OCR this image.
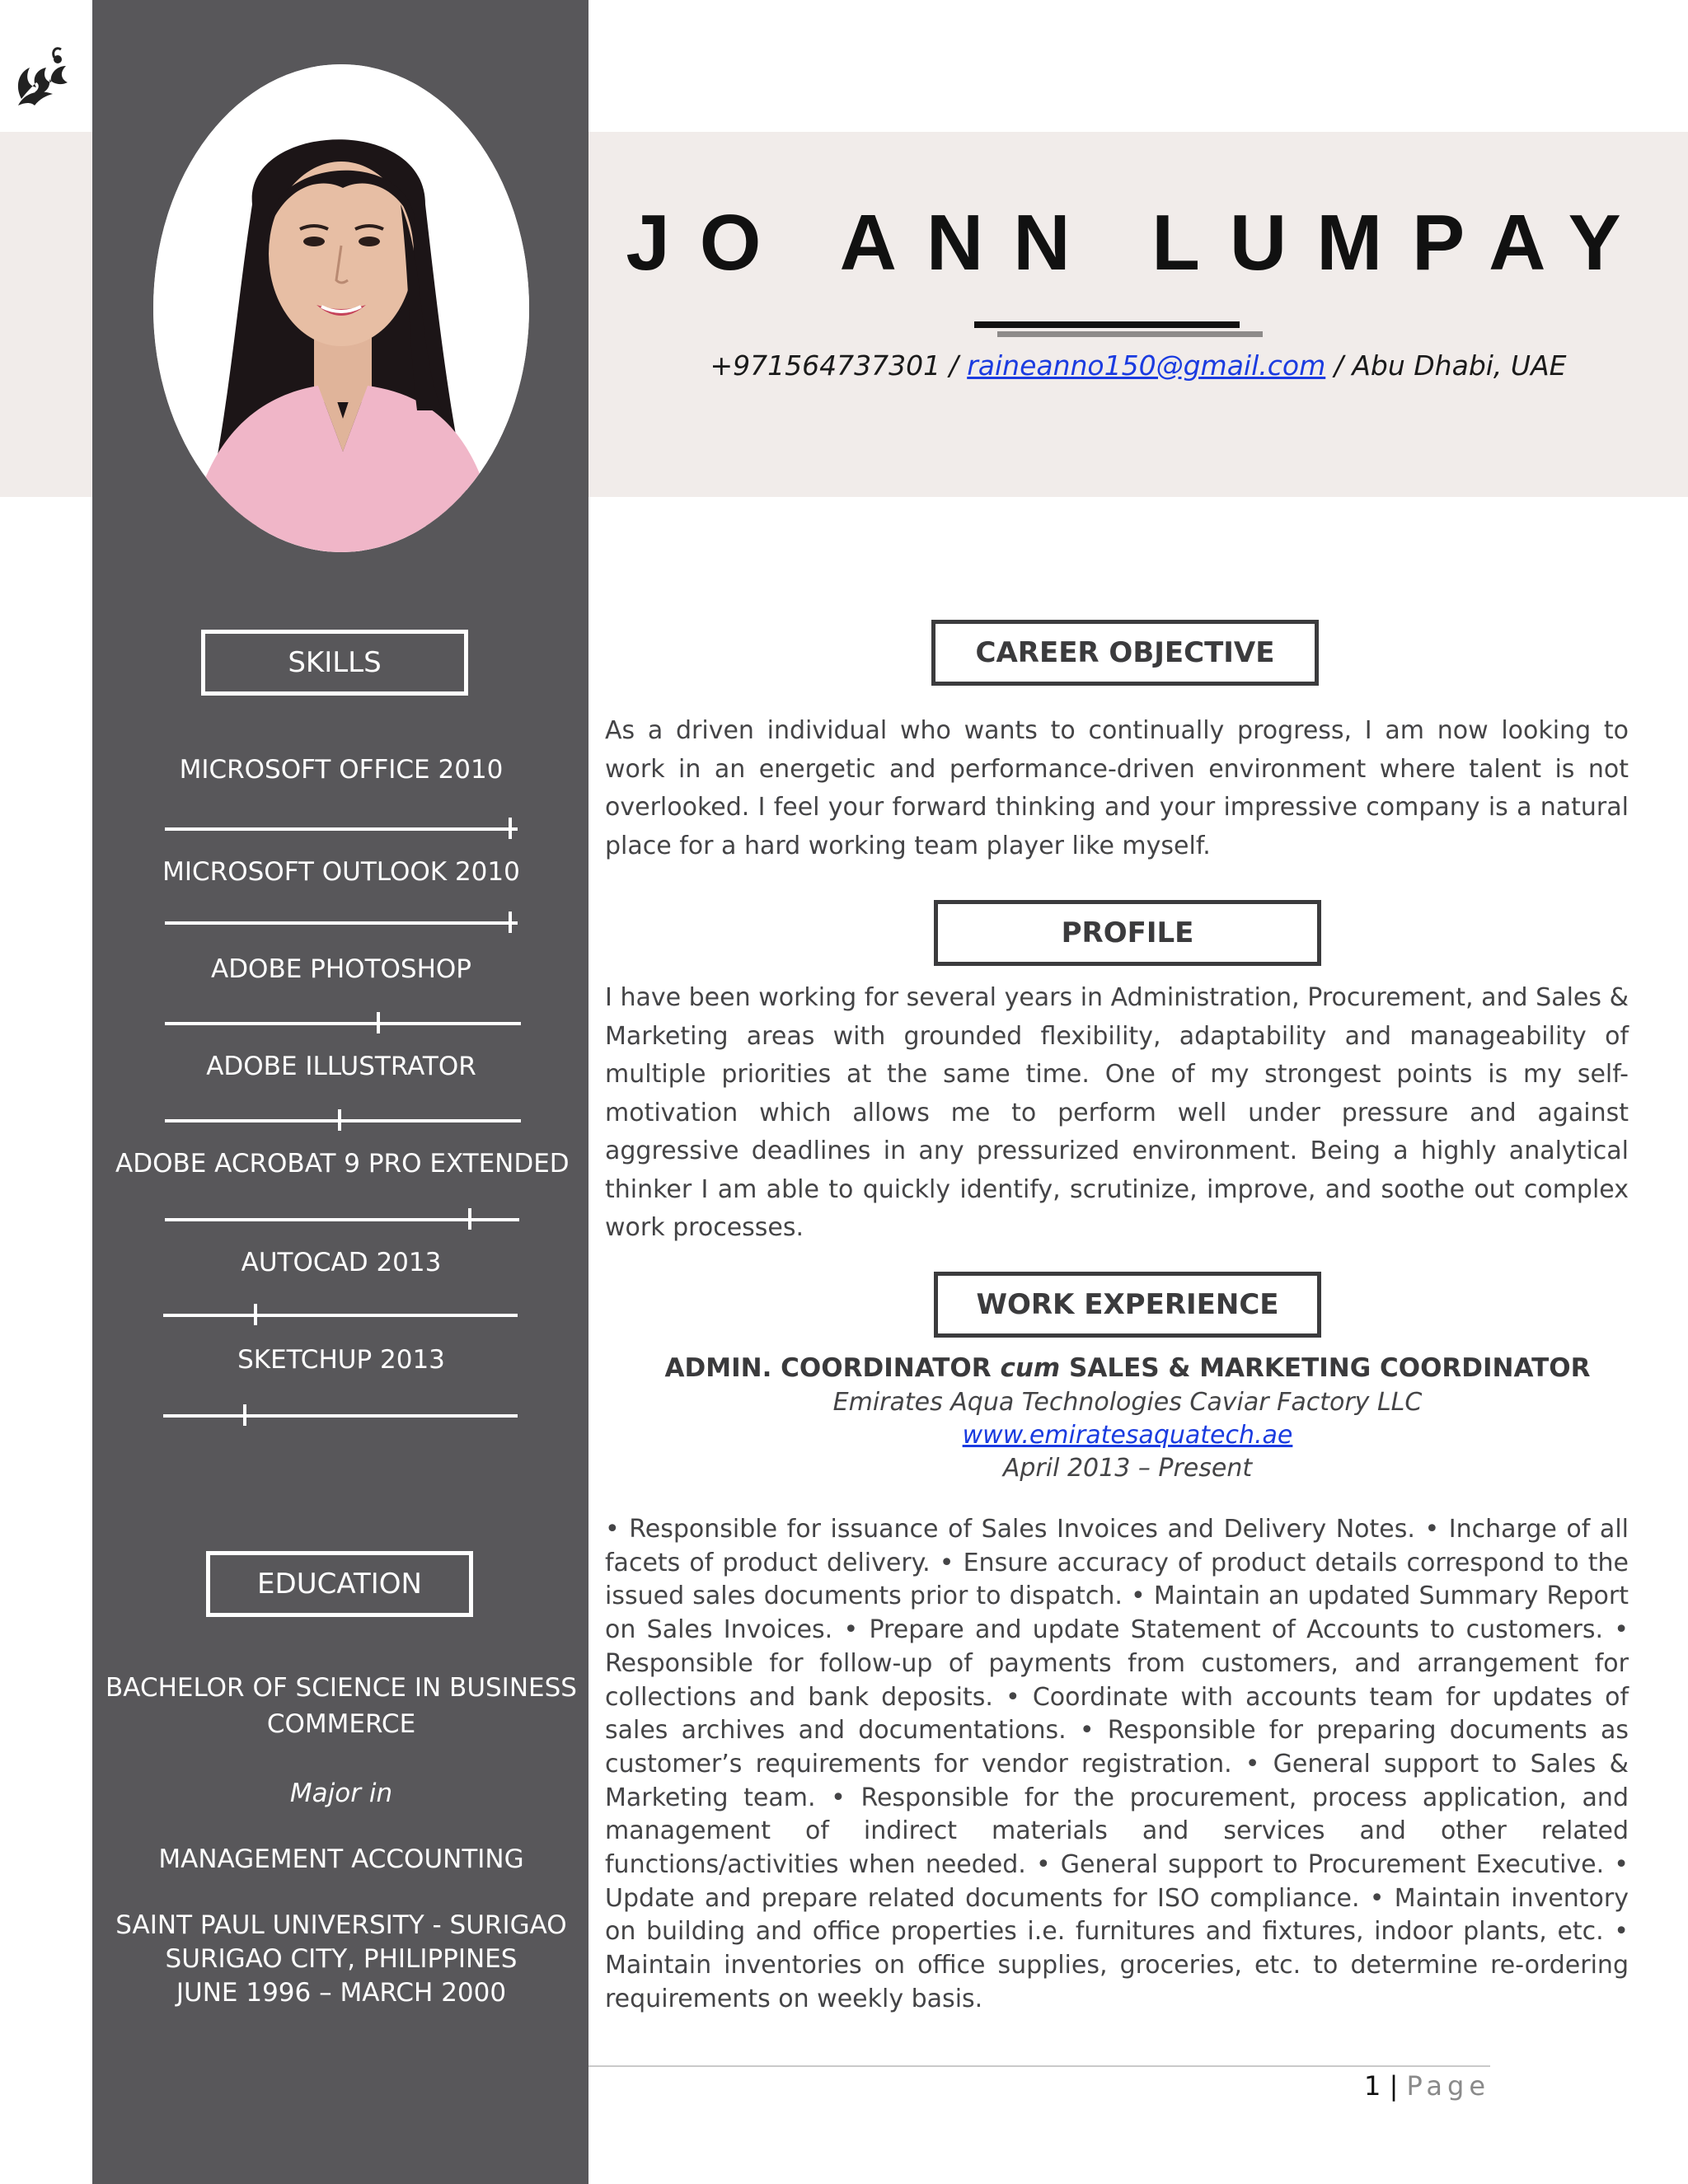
JO ANN LUMPAY
+971564737301 / raineanno150@gmail.com / Abu Dhabi, UAE
SKILLS
MICROSOFT OFFICE 2010
MICROSOFT OUTLOOK 2010
ADOBE PHOTOSHOP
ADOBE ILLUSTRATOR
ADOBE ACROBAT 9 PRO EXTENDED
AUTOCAD 2013
SKETCHUP 2013
EDUCATION
BACHELOR OF SCIENCE IN BUSINESS COMMERCE
Major in
MANAGEMENT ACCOUNTING
SAINT PAUL UNIVERSITY - SURIGAO
SURIGAO CITY, PHILIPPINES
JUNE 1996 – MARCH 2000
CAREER OBJECTIVE
As a driven individual who wants to continually progress, I am now looking to work in an energetic and performance-driven environment where talent is not overlooked. I feel your forward thinking and your impressive company is a natural place for a hard working team player like myself.
PROFILE
I have been working for several years in Administration, Procurement, and Sales & Marketing areas with grounded flexibility, adaptability and manageability of multiple priorities at the same time. One of my strongest points is my self-motivation which allows me to perform well under pressure and against aggressive deadlines in any pressurized environment. Being a highly analytical thinker I am able to quickly identify, scrutinize, improve, and soothe out complex work processes.
WORK EXPERIENCE
ADMIN. COORDINATOR cum SALES & MARKETING COORDINATOR
Emirates Aqua Technologies Caviar Factory LLC
www.emiratesaquatech.ae
April 2013 – Present
• Responsible for issuance of Sales Invoices and Delivery Notes. • Incharge of all facets of product delivery. • Ensure accuracy of product details correspond to the issued sales documents prior to dispatch. • Maintain an updated Summary Report on Sales Invoices. • Prepare and update Statement of Accounts to customers. • Responsible for follow-up of payments from customers, and arrangement for collections and bank deposits. • Coordinate with accounts team for updates of sales archives and documentations. • Responsible for preparing documents as customer’s requirements for vendor registration. • General support to Sales & Marketing team. • Responsible for the procurement, process application, and management of indirect materials and services and other related functions/activities when needed. • General support to Procurement Executive. • Update and prepare related documents for ISO compliance. • Maintain inventory on building and office properties i.e. furnitures and fixtures, indoor plants, etc. • Maintain inventories on office supplies, groceries, etc. to determine re-ordering requirements on weekly basis.
1 | Page
